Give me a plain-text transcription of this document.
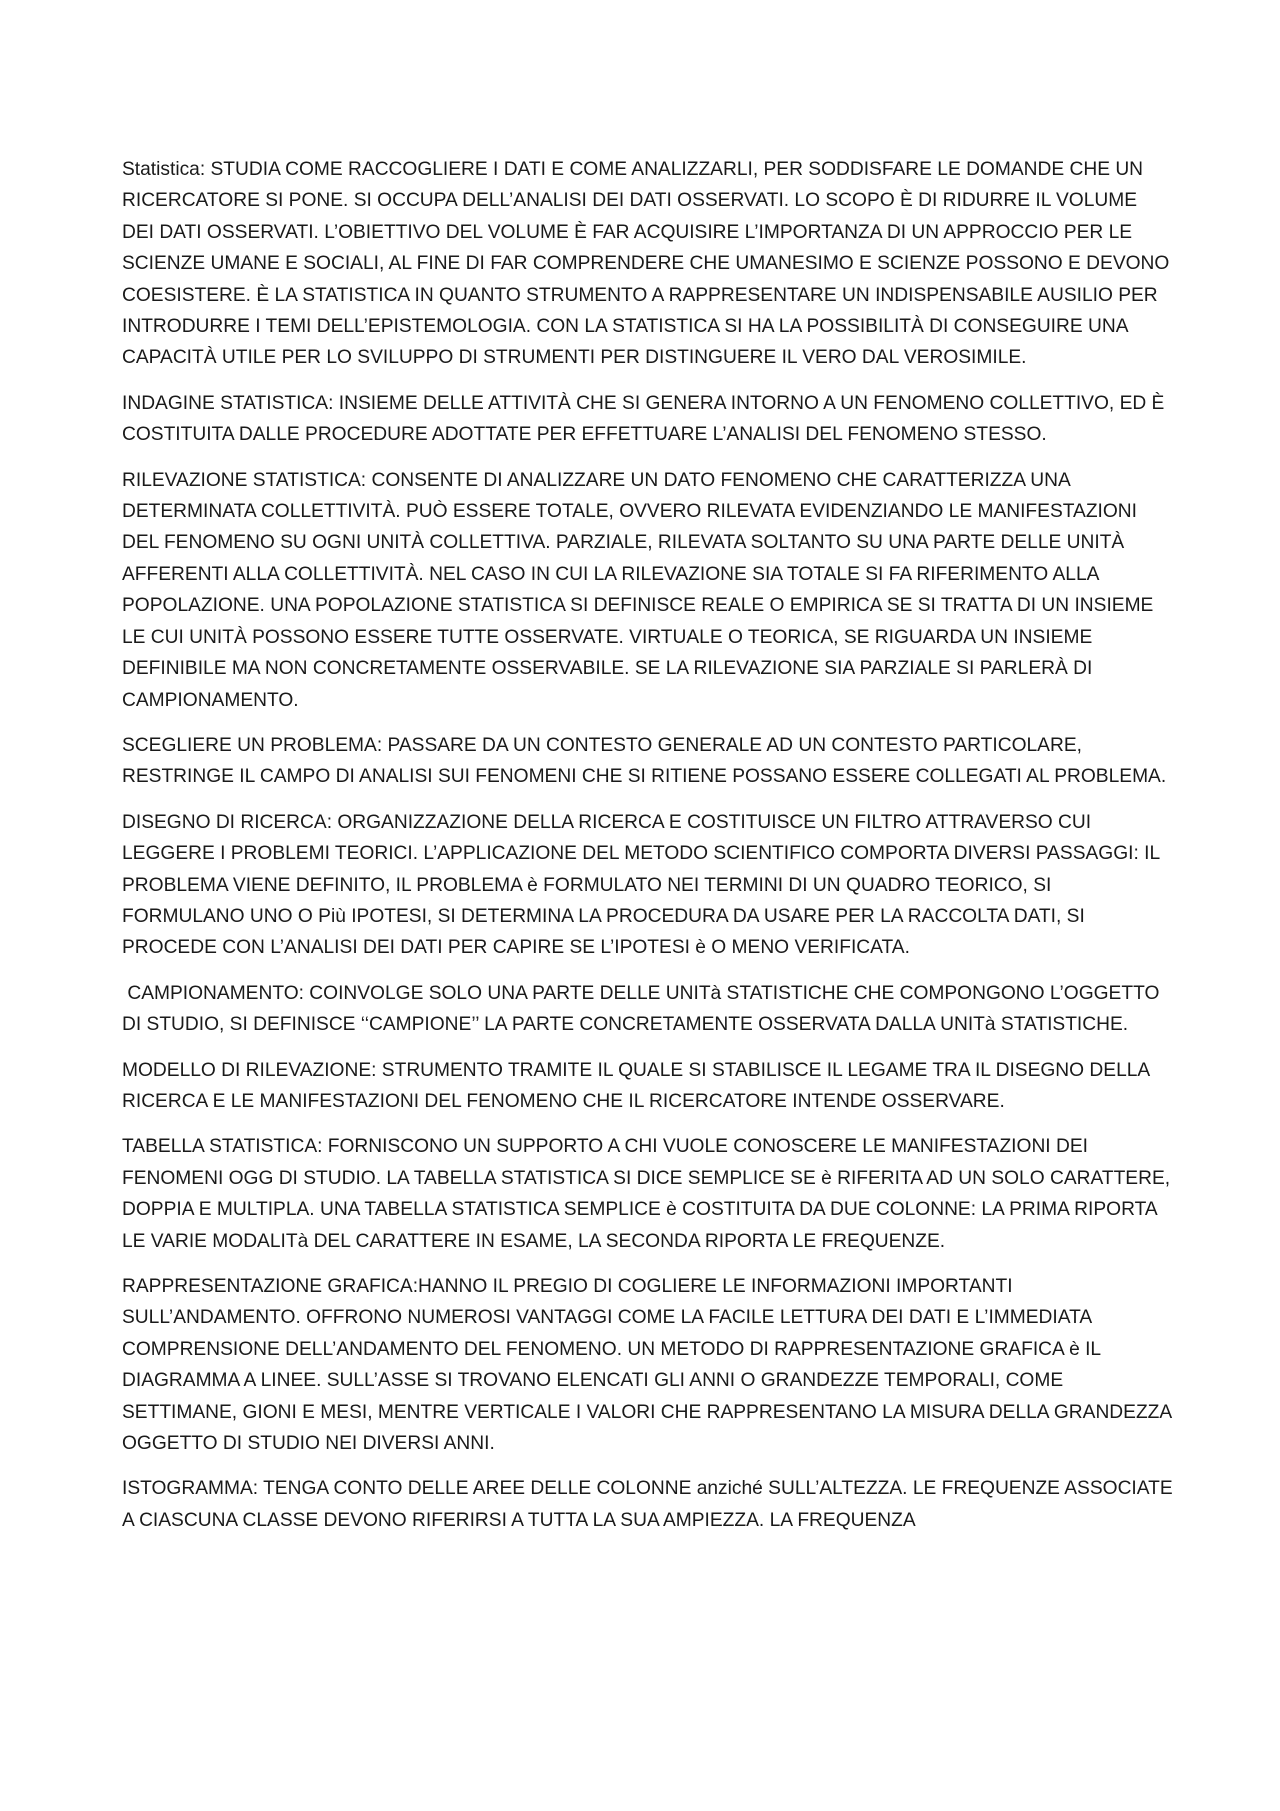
Statistica: STUDIA COME RACCOGLIERE I DATI E COME ANALIZZARLI, PER SODDISFARE LE DOMANDE CHE UN RICERCATORE SI PONE. SI OCCUPA DELL’ANALISI DEI DATI OSSERVATI. LO SCOPO È DI RIDURRE IL VOLUME DEI DATI OSSERVATI. L’OBIETTIVO DEL VOLUME È FAR ACQUISIRE L’IMPORTANZA DI UN APPROCCIO PER LE SCIENZE UMANE E SOCIALI, AL FINE DI FAR COMPRENDERE CHE UMANESIMO E SCIENZE POSSONO E DEVONO COESISTERE. È LA STATISTICA IN QUANTO STRUMENTO A RAPPRESENTARE UN INDISPENSABILE AUSILIO PER INTRODURRE I TEMI DELL’EPISTEMOLOGIA. CON LA STATISTICA SI HA LA POSSIBILITÀ DI CONSEGUIRE UNA CAPACITÀ UTILE PER LO SVILUPPO DI STRUMENTI PER DISTINGUERE IL VERO DAL VEROSIMILE.

INDAGINE STATISTICA: INSIEME DELLE ATTIVITÀ CHE SI GENERA INTORNO A UN FENOMENO COLLETTIVO, ED È COSTITUITA DALLE PROCEDURE ADOTTATE PER EFFETTUARE L’ANALISI DEL FENOMENO STESSO.

RILEVAZIONE STATISTICA: CONSENTE DI ANALIZZARE UN DATO FENOMENO CHE CARATTERIZZA UNA DETERMINATA COLLETTIVITÀ. PUÒ ESSERE TOTALE, OVVERO RILEVATA EVIDENZIANDO LE MANIFESTAZIONI DEL FENOMENO SU OGNI UNITÀ COLLETTIVA. PARZIALE, RILEVATA SOLTANTO SU UNA PARTE DELLE UNITÀ AFFERENTI ALLA COLLETTIVITÀ. NEL CASO IN CUI LA RILEVAZIONE SIA TOTALE SI FA RIFERIMENTO ALLA POPOLAZIONE. UNA POPOLAZIONE STATISTICA SI DEFINISCE REALE O EMPIRICA SE SI TRATTA DI UN INSIEME LE CUI UNITÀ POSSONO ESSERE TUTTE OSSERVATE. VIRTUALE O TEORICA, SE RIGUARDA UN INSIEME DEFINIBILE MA NON CONCRETAMENTE OSSERVABILE. SE LA RILEVAZIONE SIA PARZIALE SI PARLERÀ DI CAMPIONAMENTO.

SCEGLIERE UN PROBLEMA: PASSARE DA UN CONTESTO GENERALE AD UN CONTESTO PARTICOLARE, RESTRINGE IL CAMPO DI ANALISI SUI FENOMENI CHE SI RITIENE POSSANO ESSERE COLLEGATI AL PROBLEMA.

DISEGNO DI RICERCA: ORGANIZZAZIONE DELLA RICERCA E COSTITUISCE UN FILTRO ATTRAVERSO CUI LEGGERE I PROBLEMI TEORICI. L’APPLICAZIONE DEL METODO SCIENTIFICO COMPORTA DIVERSI PASSAGGI: IL PROBLEMA VIENE DEFINITO, IL PROBLEMA è FORMULATO NEI TERMINI DI UN QUADRO TEORICO, SI FORMULANO UNO O Più IPOTESI, SI DETERMINA LA PROCEDURA DA USARE PER LA RACCOLTA DATI, SI PROCEDE CON L’ANALISI DEI DATI PER CAPIRE SE L’IPOTESI è O MENO VERIFICATA.

CAMPIONAMENTO: COINVOLGE SOLO UNA PARTE DELLE UNITà STATISTICHE CHE COMPONGONO L’OGGETTO DI STUDIO, SI DEFINISCE ‘‘CAMPIONE’’ LA PARTE CONCRETAMENTE OSSERVATA DALLA UNITà STATISTICHE.

MODELLO DI RILEVAZIONE: STRUMENTO TRAMITE IL QUALE SI STABILISCE IL LEGAME TRA IL DISEGNO DELLA RICERCA E LE MANIFESTAZIONI DEL FENOMENO CHE IL RICERCATORE INTENDE OSSERVARE.

TABELLA STATISTICA: FORNISCONO UN SUPPORTO A CHI VUOLE CONOSCERE LE MANIFESTAZIONI DEI FENOMENI OGG DI STUDIO. LA TABELLA STATISTICA SI DICE SEMPLICE SE è RIFERITA AD UN SOLO CARATTERE, DOPPIA E MULTIPLA. UNA TABELLA STATISTICA SEMPLICE è COSTITUITA DA DUE COLONNE: LA PRIMA RIPORTA LE VARIE MODALITà DEL CARATTERE IN ESAME, LA SECONDA RIPORTA LE FREQUENZE.

RAPPRESENTAZIONE GRAFICA:HANNO IL PREGIO DI COGLIERE LE INFORMAZIONI IMPORTANTI SULL’ANDAMENTO. OFFRONO NUMEROSI VANTAGGI COME LA FACILE LETTURA DEI DATI E L’IMMEDIATA COMPRENSIONE DELL’ANDAMENTO DEL FENOMENO. UN METODO DI RAPPRESENTAZIONE GRAFICA è IL DIAGRAMMA A LINEE. SULL’ASSE SI TROVANO ELENCATI GLI ANNI O GRANDEZZE TEMPORALI, COME SETTIMANE, GIONI E MESI, MENTRE VERTICALE I VALORI CHE RAPPRESENTANO LA MISURA DELLA GRANDEZZA OGGETTO DI STUDIO NEI DIVERSI ANNI.

ISTOGRAMMA: TENGA CONTO DELLE AREE DELLE COLONNE anziché SULL’ALTEZZA. LE FREQUENZE ASSOCIATE A CIASCUNA CLASSE DEVONO RIFERIRSI A TUTTA LA SUA AMPIEZZA. LA FREQUENZA
